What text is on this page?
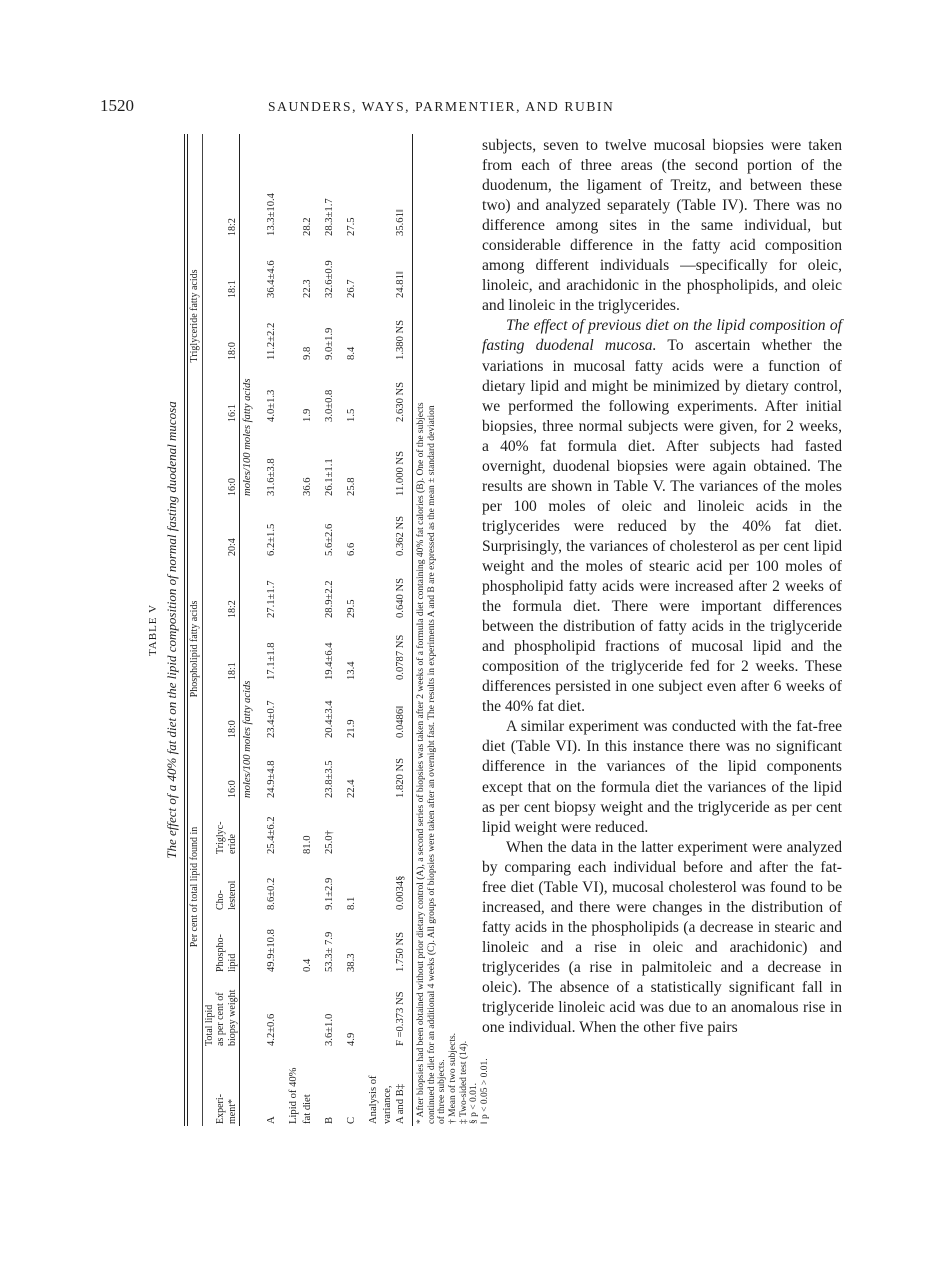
1520	SAUNDERS, WAYS, PARMENTIER, AND RUBIN
TABLE V The effect of a 40% fat diet on the lipid composition of normal fasting duodenal mucosa
		Per cent of total lipid found in			Phospholipid fatty acids					Triglyceride fatty acids				
Experi-
ment*	Total lipid
as per cent of
biopsy weight	Phospho-
lipid	Cho-
lesterol	Triglyc-
eride	16:0	18:0	18:1	18:2	20:4	16:0	16:1	18:0	18:1	18:2
					moles/100 moles fatty acids					moles/100 moles fatty acids				
A	4.2±0.6	49.9±10.8	8.6±0.2	25.4±6.2	24.9±4.8	23.4±0.7	17.1±1.8	27.1±1.7	6.2±1.5	31.6±3.8	4.0±1.3	11.2±2.2	36.4±4.6	13.3±10.4
Lipid of 40%
fat diet		0.4		81.0						36.6	1.9	9.8	22.3	28.2
B	3.6±1.0	53.3± 7.9	9.1±2.9	25.0†	23.8±3.5	20.4±3.4	19.4±6.4	28.9±2.2	5.6±2.6	26.1±1.1	3.0±0.8	9.0±1.9	32.6±0.9	28.3±1.7
C	4.9	38.3	8.1		22.4	21.9	13.4	29.5	6.6	25.8	1.5	8.4	26.7	27.5
Analysis of variance,
A and B‡	F =0.373 NS	1.750 NS	0.0034§		1.820 NS	0.0486‖	0.0787 NS	0.640 NS	0.362 NS	11.000 NS	2.630 NS	1.380 NS	24.81‖	35.61‖
* After biopsies had been obtained without prior dietary control (A), a second series of biopsies was taken after 2 weeks of a formula diet containing 40% fat calories (B). One of the subjects continued the diet for an additional 4 weeks (C). All groups of biopsies were taken after an overnight fast. The results in experiments A and B are expressed as the mean ± standard deviation of three subjects. † Mean of two subjects. ‡ Two-sided test (14). § p < 0.01. ‖ p < 0.05 > 0.01.

subjects, seven to twelve mucosal biopsies were taken from each of three areas (the second portion of the duodenum, the ligament of Treitz, and between these two) and analyzed separately (Table IV). There was no difference among sites in the same individual, but considerable difference in the fatty acid composition among different individuals —specifically for oleic, linoleic, and arachidonic in the phospholipids, and oleic and linoleic in the triglycerides.

The effect of previous diet on the lipid composition of fasting duodenal mucosa. To ascertain whether the variations in mucosal fatty acids were a function of dietary lipid and might be minimized by dietary control, we performed the following experiments. After initial biopsies, three normal subjects were given, for 2 weeks, a 40% fat formula diet. After subjects had fasted overnight, duodenal biopsies were again obtained. The results are shown in Table V. The variances of the moles per 100 moles of oleic and linoleic acids in the triglycerides were reduced by the 40% fat diet. Surprisingly, the variances of cholesterol as per cent lipid weight and the moles of stearic acid per 100 moles of phospholipid fatty acids were increased after 2 weeks of the formula diet. There were important differences between the distribution of fatty acids in the triglyceride and phospholipid fractions of mucosal lipid and the composition of the triglyceride fed for 2 weeks. These differences persisted in one subject even after 6 weeks of the 40% fat diet.

A similar experiment was conducted with the fat-free diet (Table VI). In this instance there was no significant difference in the variances of the lipid components except that on the formula diet the variances of the lipid as per cent biopsy weight and the triglyceride as per cent lipid weight were reduced.

When the data in the latter experiment were analyzed by comparing each individual before and after the fat-free diet (Table VI), mucosal cholesterol was found to be increased, and there were changes in the distribution of fatty acids in the phospholipids (a decrease in stearic and linoleic and a rise in oleic and arachidonic) and triglycerides (a rise in palmitoleic and a decrease in oleic). The absence of a statistically significant fall in triglyceride linoleic acid was due to an anomalous rise in one individual. When the other five pairs
